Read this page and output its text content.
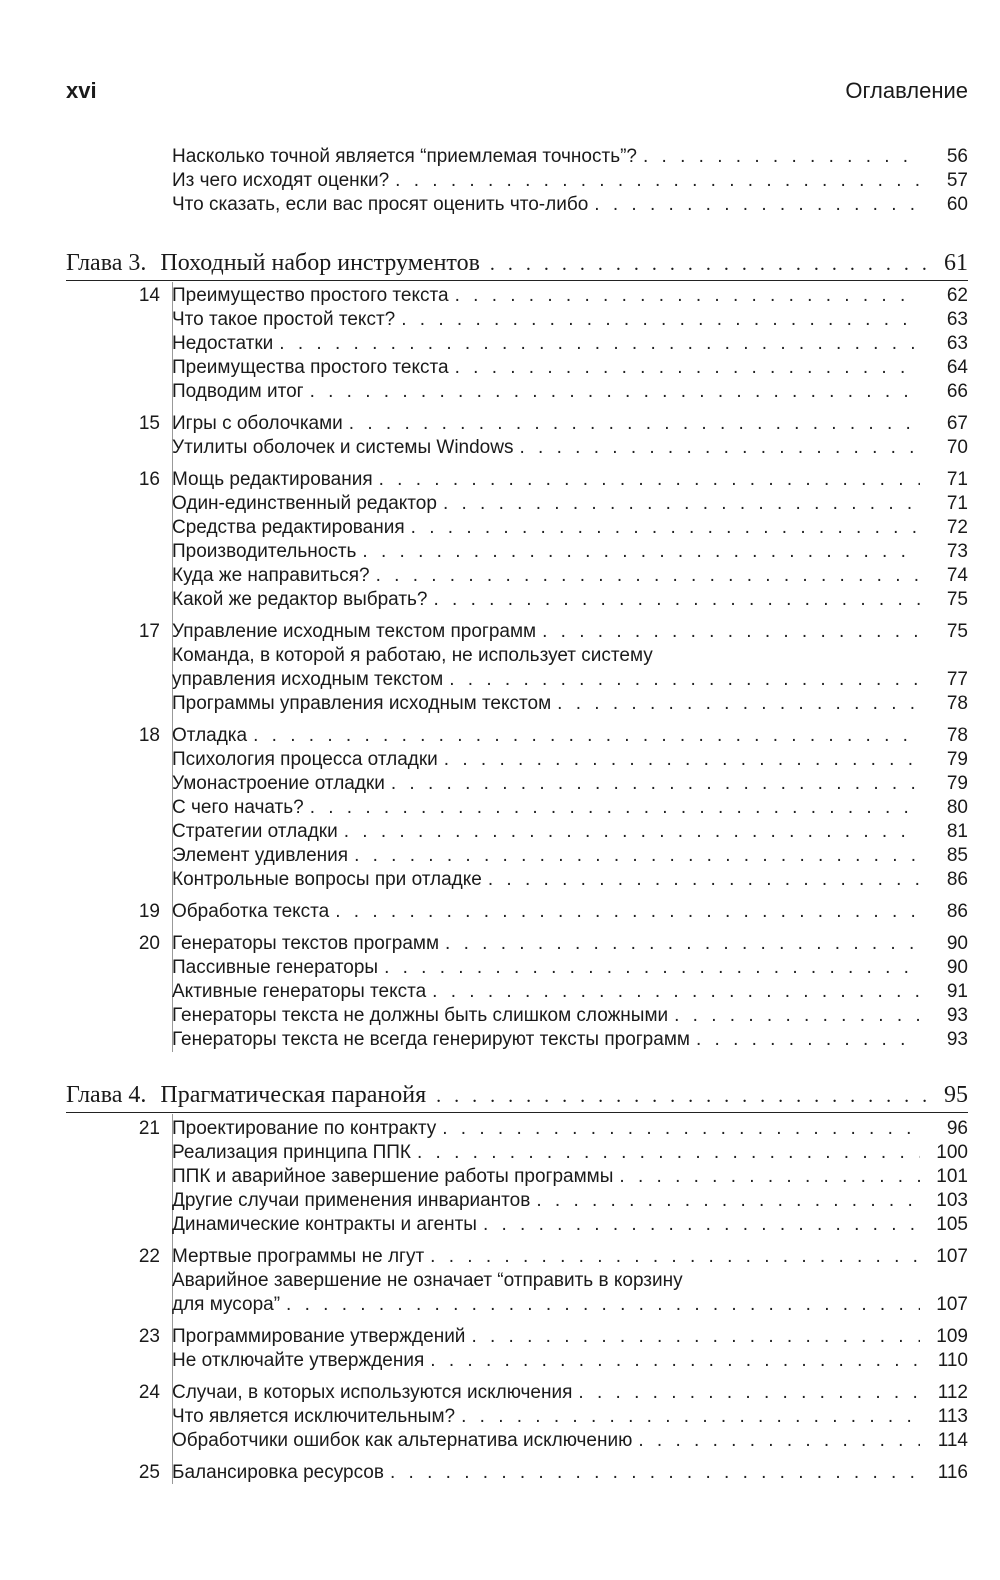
xvi	Оглавление
Насколько точной является “приемлемая точность”? . . .	56
Из чего исходят оценки? . . .	57
Что сказать, если вас просят оценить что-либо . . .	60
Глава 3. Походный набор инструментов . . .	61
14 Преимущество простого текста . . .	62
Что такое простой текст? . . .	63
Недостатки . . .	63
Преимущества простого текста . . .	64
Подводим итог . . .	66
15 Игры с оболочками . . .	67
Утилиты оболочек и системы Windows . . .	70
16 Мощь редактирования . . .	71
Один-единственный редактор . . .	71
Средства редактирования . . .	72
Производительность . . .	73
Куда же направиться? . . .	74
Какой же редактор выбрать? . . .	75
17 Управление исходным текстом программ . . .	75
Команда, в которой я работаю, не использует систему
управления исходным текстом . . .	77
Программы управления исходным текстом . . .	78
18 Отладка . . .	78
Психология процесса отладки . . .	79
Умонастроение отладки . . .	79
С чего начать? . . .	80
Стратегии отладки . . .	81
Элемент удивления . . .	85
Контрольные вопросы при отладке . . .	86
19 Обработка текста . . .	86
20 Генераторы текстов программ . . .	90
Пассивные генераторы . . .	90
Активные генераторы текста . . .	91
Генераторы текста не должны быть слишком сложными . . .	93
Генераторы текста не всегда генерируют тексты программ . . .	93
Глава 4. Прагматическая паранойя . . .	95
21 Проектирование по контракту . . .	96
Реализация принципа ППК . . .	100
ППК и аварийное завершение работы программы . . .	101
Другие случаи применения инвариантов . . .	103
Динамические контракты и агенты . . .	105
22 Мертвые программы не лгут . . .	107
Аварийное завершение не означает “отправить в корзину
для мусора” . . .	107
23 Программирование утверждений . . .	109
Не отключайте утверждения . . .	110
24 Случаи, в которых используются исключения . . .	112
Что является исключительным? . . .	113
Обработчики ошибок как альтернатива исключению . . .	114
25 Балансировка ресурсов . . .	116
